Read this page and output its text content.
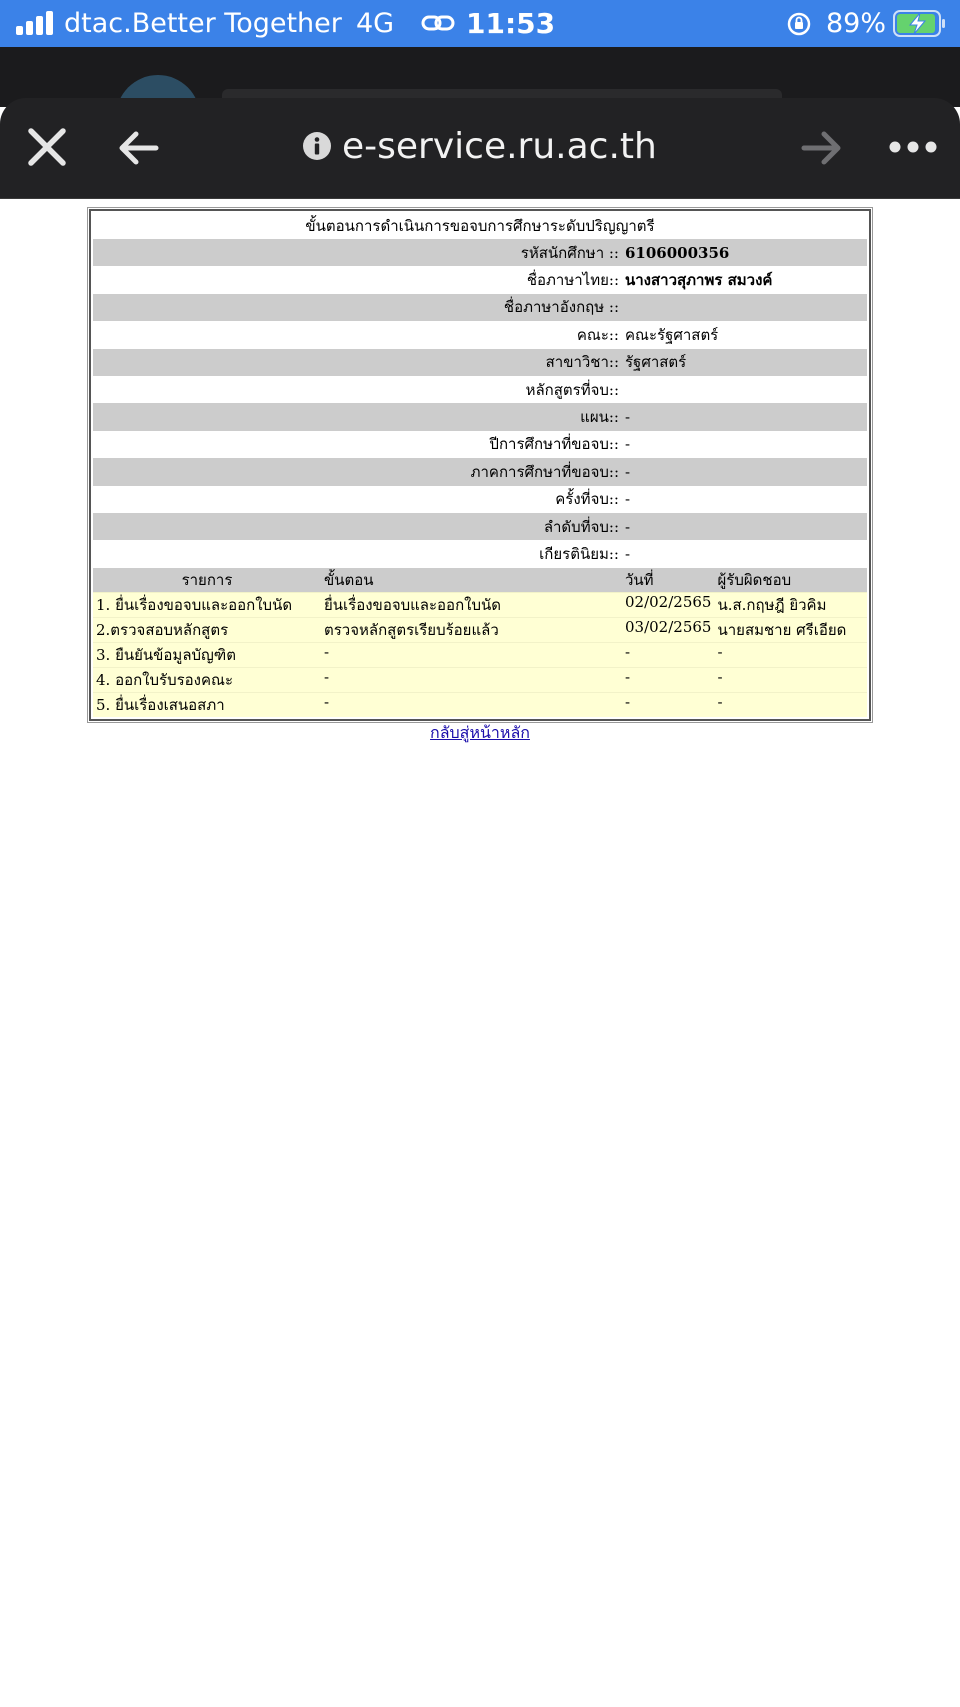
dtac.Better Together 4G	11:53	89%
e-service.ru.ac.th
ขั้นตอนการดำเนินการขอจบการศึกษาระดับปริญญาตรี			
รหัสนักศึกษา ::		6106000356	
ชื่อภาษาไทย::		นางสาวสุภาพร สมวงค์	
ชื่อภาษาอังกฤษ ::			
คณะ::		คณะรัฐศาสตร์	
สาขาวิชา::		รัฐศาสตร์	
หลักสูตรที่จบ::			
แผน::		-	
ปีการศึกษาที่ขอจบ::		-	
ภาคการศึกษาที่ขอจบ::		-	
ครั้งที่จบ::		-	
ลำดับที่จบ::		-	
เกียรตินิยม::		-	
รายการ	ขั้นตอน	วันที่	ผู้รับผิดชอบ
1. ยื่นเรื่องขอจบและออกใบนัด	ยื่นเรื่องขอจบและออกใบนัด	02/02/2565	น.ส.กฤษฎี ยิวคิม
2.ตรวจสอบหลักสูตร	ตรวจหลักสูตรเรียบร้อยแล้ว	03/02/2565	นายสมชาย ศรีเอียด
3. ยืนยันข้อมูลบัญฑิต	-	-	-
4. ออกใบรับรองคณะ	-	-	-
5. ยื่นเรื่องเสนอสภา	-	-	-
กลับสู่หน้าหลัก
